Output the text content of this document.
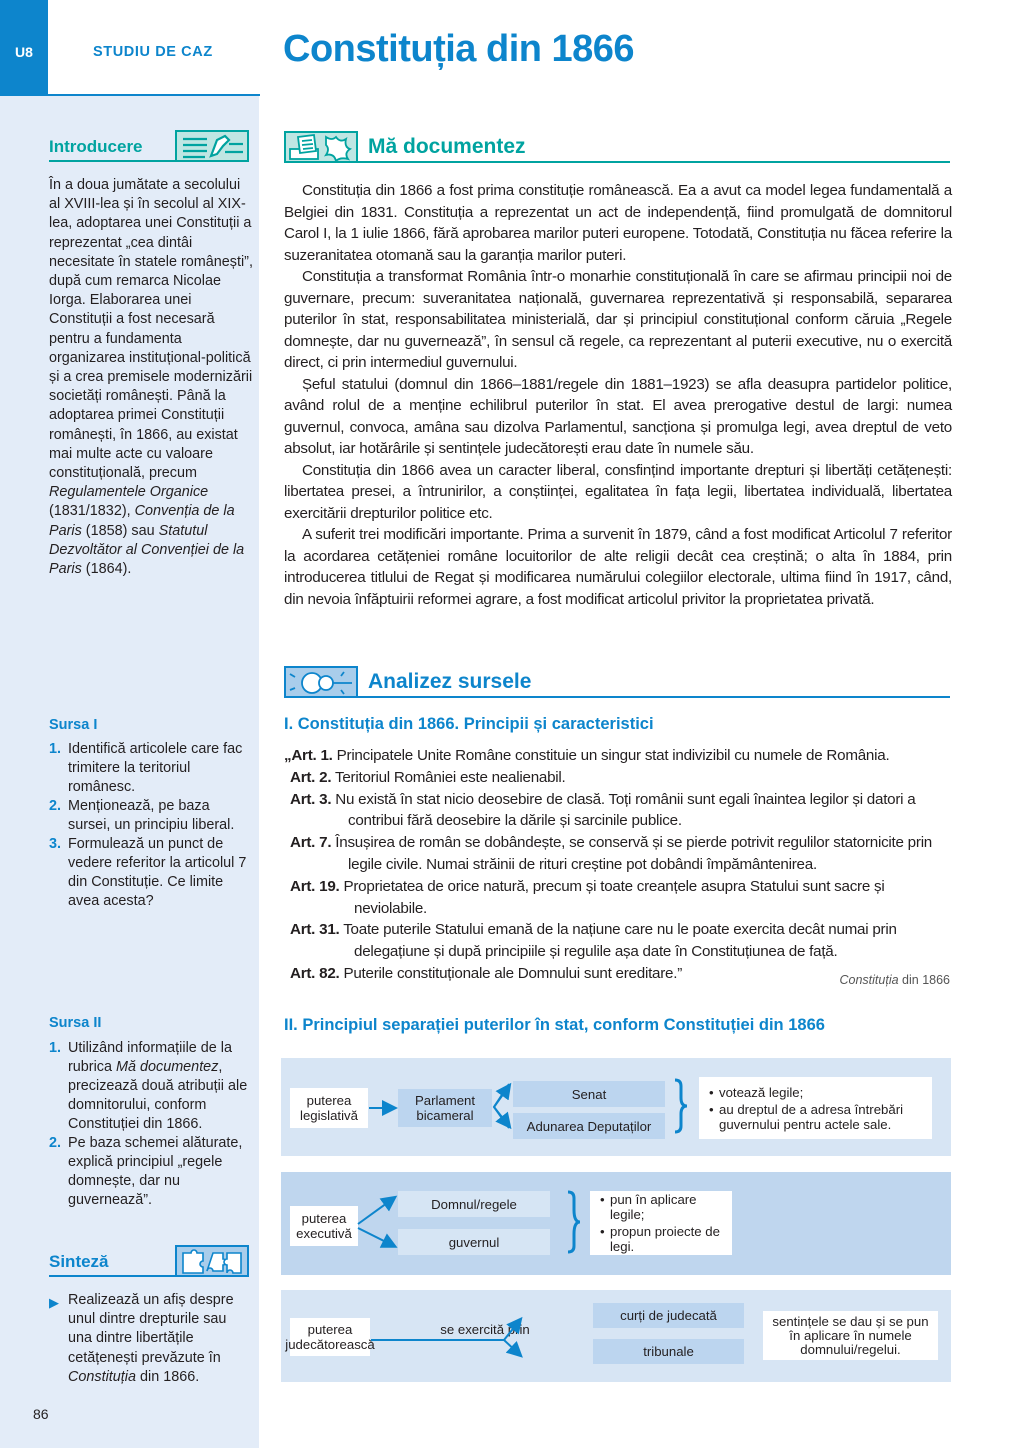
U8	STUDIU DE CAZ Constituția din 1866
Introducere
În a doua jumătate a secolului al XVIII-lea și în secolul al XIX-lea, adoptarea unei Constituții a reprezentat „cea dintâi necesitate în statele românești”, după cum remarca Nicolae Iorga. Elaborarea unei Constituții a fost necesară pentru a fundamenta organizarea instituțional-politică și a crea premisele modernizării societăți românești. Până la adoptarea primei Constituții românești, în 1866, au existat mai multe acte cu valoare constituțională, precum Regulamentele Organice (1831/1832), Convenția de la Paris (1858) sau Statutul Dezvoltător al Convenției de la Paris (1864).
Sursa I
1. Identifică articolele care fac trimitere la teritoriul românesc.
2. Menționează, pe baza sursei, un principiu liberal.
3. Formulează un punct de vedere referitor la articolul 7 din Constituție. Ce limite avea acesta?
Sursa II
1. Utilizând informațiile de la rubrica Mă documentez, precizează două atribuții ale domnitorului, conform Constituției din 1866.
2. Pe baza schemei alăturate, explică principiul „regele domnește, dar nu guvernează”.
Sinteză
▶ Realizează un afiș despre unul dintre drepturile sau una dintre libertățile cetățenești prevăzute în Constituția din 1866.
86
Mă documentez

Constituția din 1866 a fost prima constituție românească. Ea a avut ca model legea fundamentală a Belgiei din 1831. Constituția a reprezentat un act de independență, fiind promulgată de domnitorul Carol I, la 1 iulie 1866, fără aprobarea marilor puteri europene. Totodată, Constituția nu făcea referire la suzeranitatea otomană sau la garanția marilor puteri.

Constituția a transformat România într-o monarhie constituțională în care se afirmau principii noi de guvernare, precum: suveranitatea națională, guvernarea reprezentativă și responsabilă, separarea puterilor în stat, responsabilitatea ministerială, dar și principiul constituțional conform căruia „Regele domnește, dar nu guvernează”, în sensul că regele, ca reprezentant al puterii executive, nu o exercită direct, ci prin intermediul guvernului.

Șeful statului (domnul din 1866–1881/regele din 1881–1923) se afla deasupra partidelor politice, având rolul de a menține echilibrul puterilor în stat. El avea prerogative destul de largi: numea guvernul, convoca, amâna sau dizolva Parlamentul, sancționa și promulga legi, avea dreptul de veto absolut, iar hotărârile și sentințele judecătorești erau date în numele său.

Constituția din 1866 avea un caracter liberal, consfințind importante drepturi și libertăți cetățenești: libertatea presei, a întrunirilor, a conștiinței, egalitatea în fața legii, libertatea individuală, libertatea exercitării drepturilor politice etc.

A suferit trei modificări importante. Prima a survenit în 1879, când a fost modificat Articolul 7 referitor la acordarea cetățeniei române locuitorilor de alte religii decât cea creștină; o alta în 1884, prin introducerea titlului de Regat și modificarea numărului colegiilor electorale, ultima fiind în 1917, când, din nevoia înfăptuirii reformei agrare, a fost modificat articolul privitor la proprietatea privată.

Analizez sursele
I. Constituția din 1866. Principii și caracteristici
„Art. 1. Principatele Unite Române constituie un singur stat indivizibil cu numele de România.
Art. 2. Teritoriul României este nealienabil.
Art. 3. Nu există în stat nicio deosebire de clasă. Toți românii sunt egali înaintea legilor și datori a contribui fără deosebire la dările și sarcinile publice.
Art. 7. Însușirea de român se dobândește, se conservă și se pierde potrivit regulilor statornicite prin legile civile. Numai străinii de rituri creștine pot dobândi împământenirea.
Art. 19. Proprietatea de orice natură, precum și toate creanțele asupra Statului sunt sacre și neviolabile.
Art. 31. Toate puterile Statului emană de la națiune care nu le poate exercita decât numai prin delegațiune și după principiile și regulile așa date în Constituțiunea de față.
Art. 82. Puterile constituționale ale Domnului sunt ereditare.”	Constituția din 1866
II. Principiul separației puterilor în stat, conform Constituției din 1866
puterea legislativă
Parlament bicameral
Senat
Adunarea Deputaților
• votează legile;
• au dreptul de a adresa întrebări guvernului pentru actele sale.
puterea executivă
Domnul/regele
guvernul
• pun în aplicare legile;
• propun proiecte de legi.
puterea judecătorească
se exercită prin
curți de judecată
tribunale
sentințele se dau și se pun în aplicare în numele domnului/regelui.
